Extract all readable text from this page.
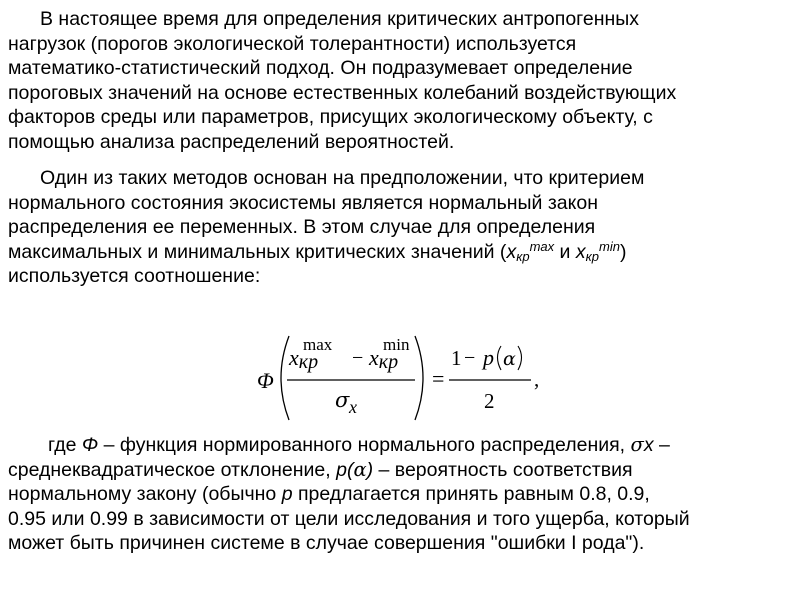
В настоящее время для определения критических антропогенных
нагрузок (порогов экологической толерантности) используется
математико-статистический подход. Он подразумевает определение
пороговых значений на основе естественных колебаний воздействующих
факторов среды или параметров, присущих экологическому объекту, с
помощью анализа распределений вероятностей.
Один из таких методов основан на предположении, что критерием
нормального состояния экосистемы является нормальный закон
распределения ее переменных. В этом случае для определения
максимальных и минимальных критических значений ($x_{кр}^{max}$ и $x_{кр}^{min}$)
используется соотношение:
Φ
xкр
max
− xкр
min
σ x
=
1 − p α
2
,
где Φ – функция нормированного нормального распределения, σx –
среднеквадратическое отклонение, р(α) – вероятность соответствия
нормальному закону (обычно р предлагается принять равным 0.8, 0.9,
0.95 или 0.99 в зависимости от цели исследования и того ущерба, который
может быть причинен системе в случае совершения "ошибки I рода").
